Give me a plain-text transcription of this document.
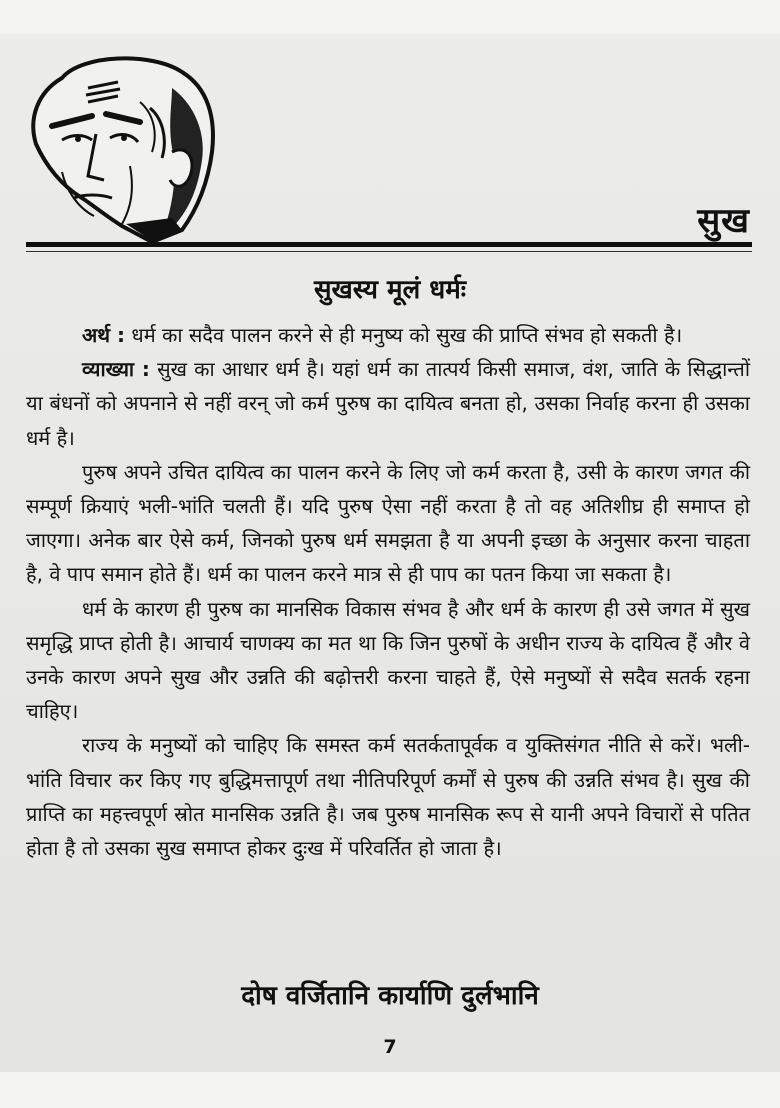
सुख
सुखस्य मूलं धर्मः

अर्थ : धर्म का सदैव पालन करने से ही मनुष्य को सुख की प्राप्ति संभव हो सकती है।

व्याख्या : सुख का आधार धर्म है। यहां धर्म का तात्पर्य किसी समाज, वंश, जाति के सिद्धान्तों या बंधनों को अपनाने से नहीं वरन् जो कर्म पुरुष का दायित्व बनता हो, उसका निर्वाह करना ही उसका धर्म है।

पुरुष अपने उचित दायित्व का पालन करने के लिए जो कर्म करता है, उसी के कारण जगत की सम्पूर्ण क्रियाएं भली-भांति चलती हैं। यदि पुरुष ऐसा नहीं करता है तो वह अतिशीघ्र ही समाप्त हो जाएगा। अनेक बार ऐसे कर्म, जिनको पुरुष धर्म समझता है या अपनी इच्छा के अनुसार करना चाहता है, वे पाप समान होते हैं। धर्म का पालन करने मात्र से ही पाप का पतन किया जा सकता है।

धर्म के कारण ही पुरुष का मानसिक विकास संभव है और धर्म के कारण ही उसे जगत में सुख समृद्धि प्राप्त होती है। आचार्य चाणक्य का मत था कि जिन पुरुषों के अधीन राज्य के दायित्व हैं और वे उनके कारण अपने सुख और उन्नति की बढ़ोत्तरी करना चाहते हैं, ऐसे मनुष्यों से सदैव सतर्क रहना चाहिए।

राज्य के मनुष्यों को चाहिए कि समस्त कर्म सतर्कतापूर्वक व युक्तिसंगत नीति से करें। भली-भांति विचार कर किए गए बुद्धिमत्तापूर्ण तथा नीतिपरिपूर्ण कर्मों से पुरुष की उन्नति संभव है। सुख की प्राप्ति का महत्त्वपूर्ण स्रोत मानसिक उन्नति है। जब पुरुष मानसिक रूप से यानी अपने विचारों से पतित होता है तो उसका सुख समाप्त होकर दुःख में परिवर्तित हो जाता है।

दोष वर्जितानि कार्याणि दुर्लभानि
7
